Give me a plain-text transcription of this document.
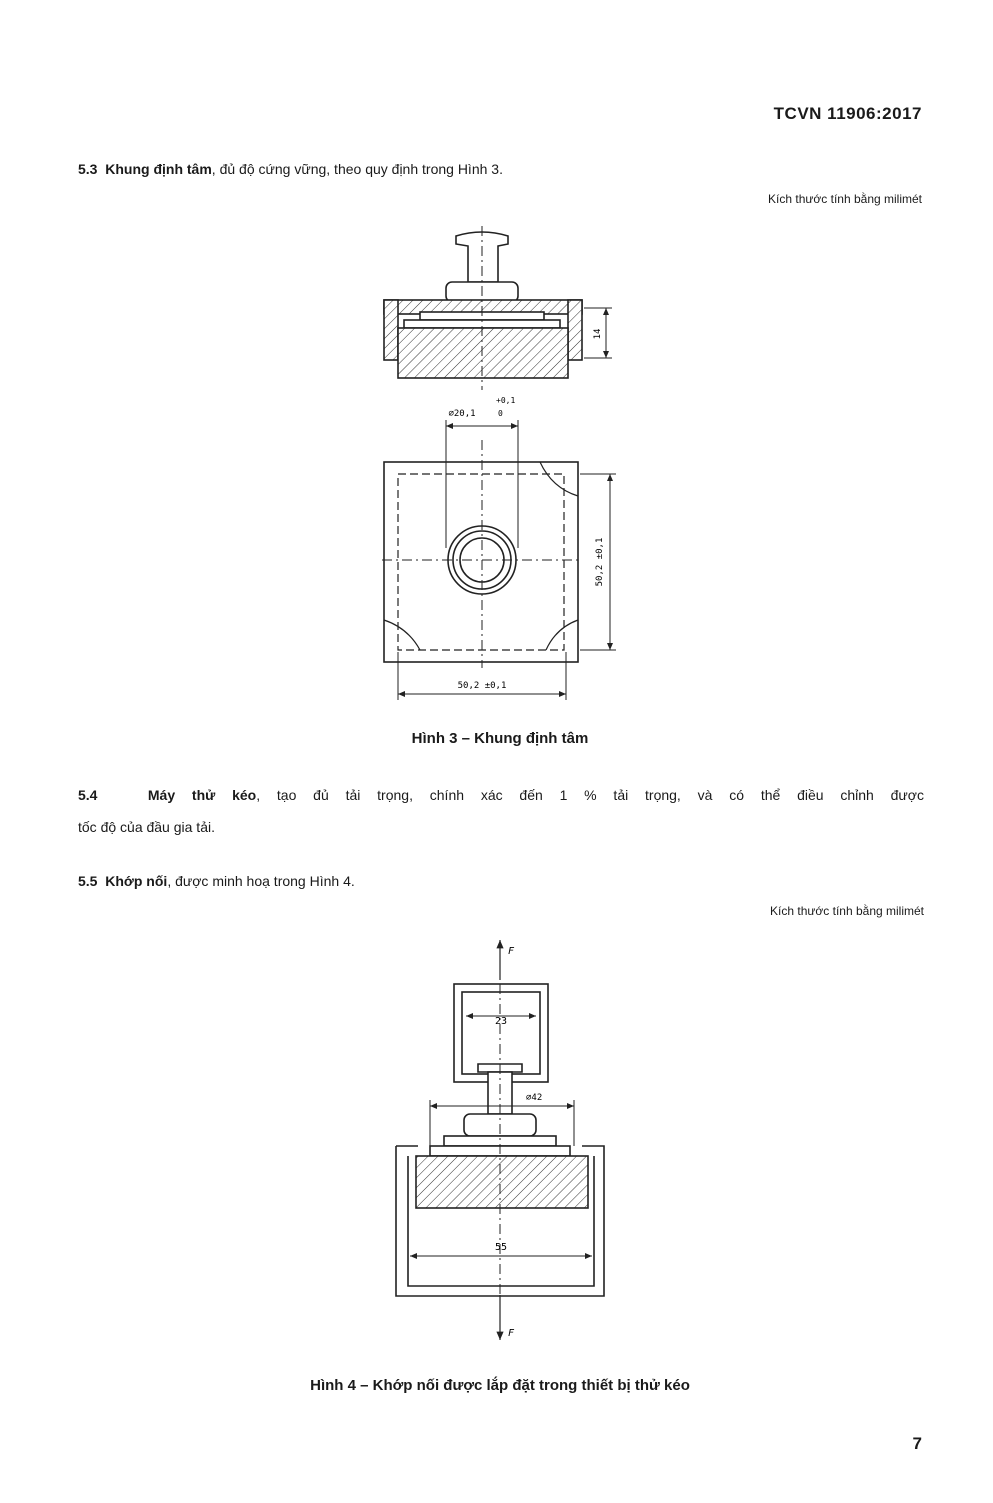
TCVN 11906:2017
5.3 Khung định tâm, đủ độ cứng vững, theo quy định trong Hình 3.
Kích thước tính bằng milimét
14
⌀20,1
+0,1
0
50,2 ±0,1
50,2 ±0,1
Hình 3 – Khung định tâm
5.4	Máy thử kéo, tạo đủ tải trọng, chính xác đến 1 % tải trọng, và có thể điều chỉnh được
tốc độ của đầu gia tải.
5.5 Khớp nối, được minh hoạ trong Hình 4.
Kích thước tính bằng milimét
F
F
23
⌀42
55
Hình 4 – Khớp nối được lắp đặt trong thiết bị thử kéo
7
